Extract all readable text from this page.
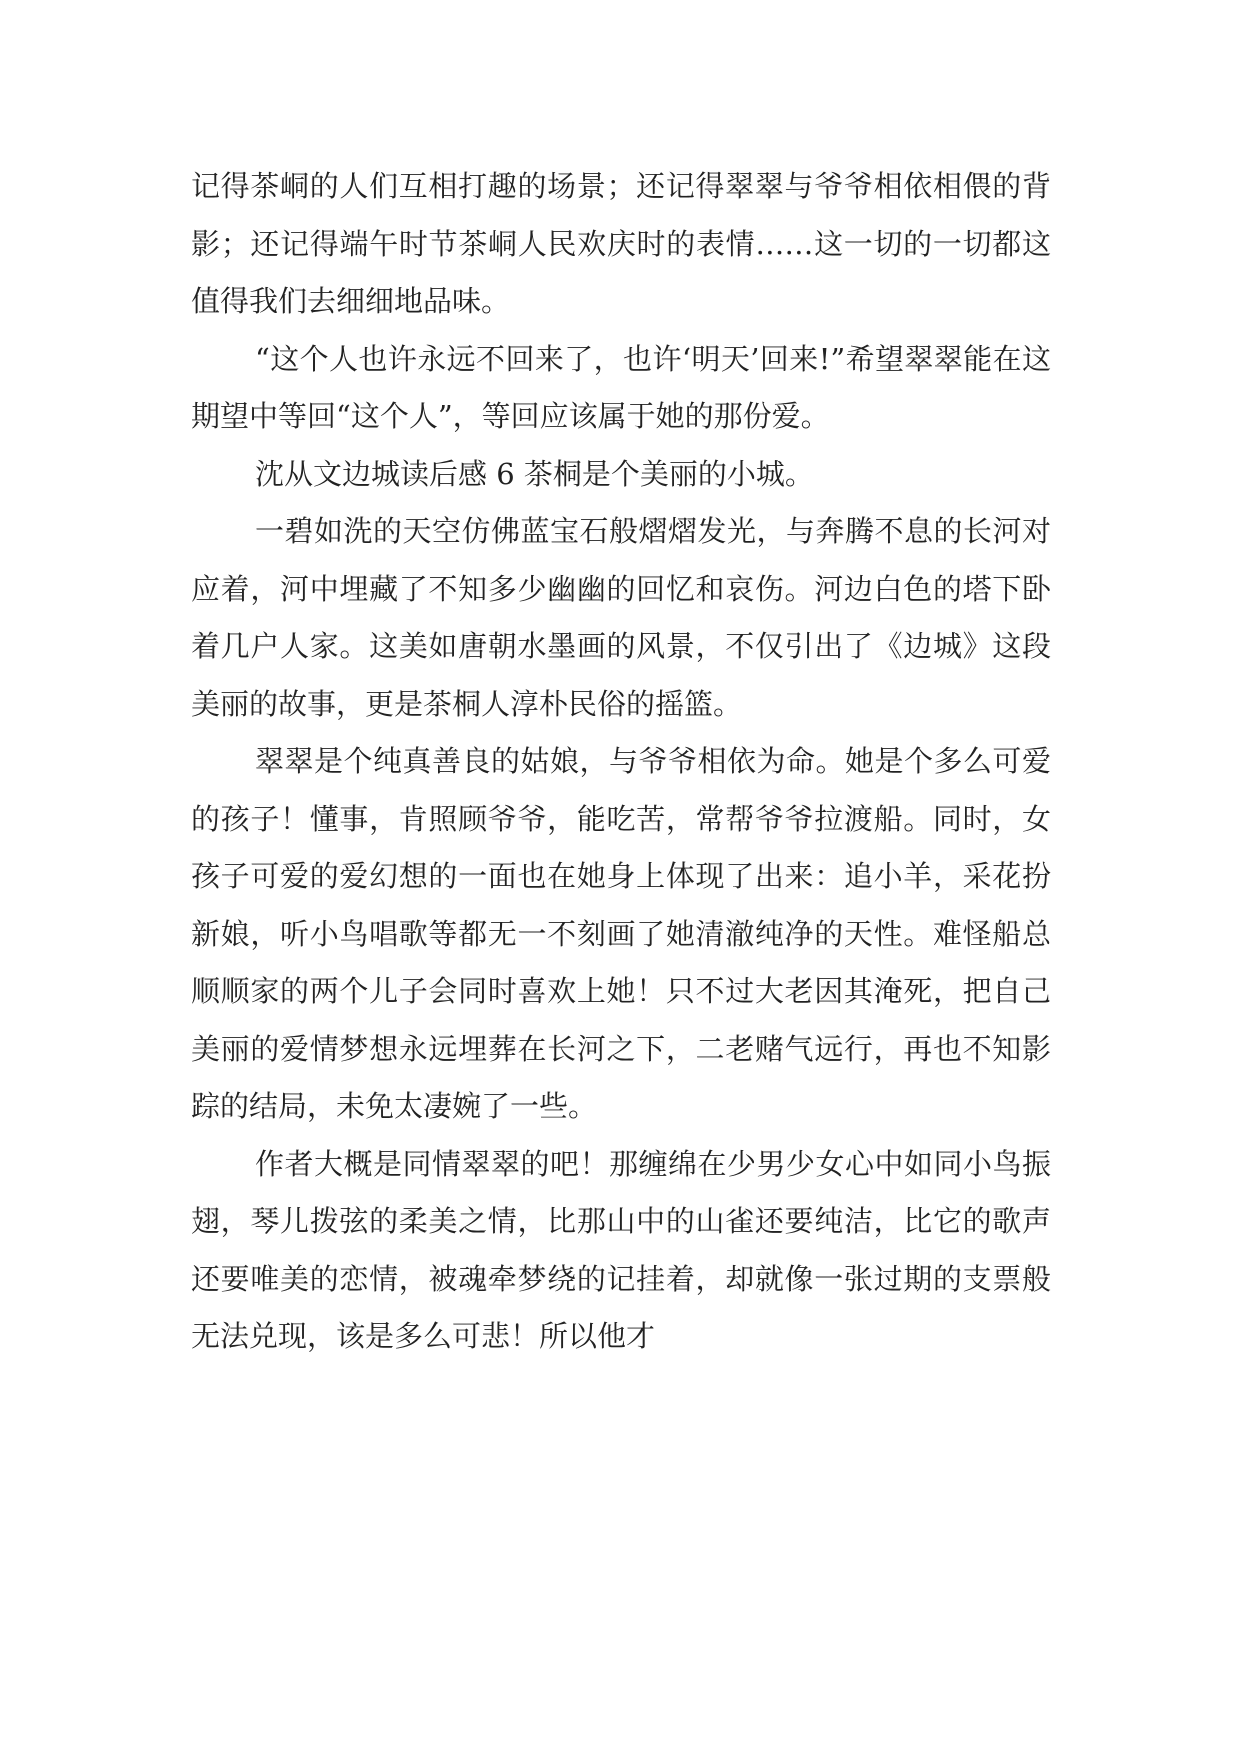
记得茶峒的人们互相打趣的场景；还记得翠翠与爷爷相依相偎的背影；还记得端午时节茶峒人民欢庆时的表情……这一切的一切都这值得我们去细细地品味。

“这个人也许永远不回来了，也许‘明天’回来!”希望翠翠能在这期望中等回“这个人”，等回应该属于她的那份爱。

沈从文边城读后感 6 茶桐是个美丽的小城。

一碧如洗的天空仿佛蓝宝石般熠熠发光，与奔腾不息的长河对应着，河中埋藏了不知多少幽幽的回忆和哀伤。河边白色的塔下卧着几户人家。这美如唐朝水墨画的风景，不仅引出了《边城》这段美丽的故事，更是茶桐人淳朴民俗的摇篮。

翠翠是个纯真善良的姑娘，与爷爷相依为命。她是个多么可爱的孩子！懂事，肯照顾爷爷，能吃苦，常帮爷爷拉渡船。同时，女孩子可爱的爱幻想的一面也在她身上体现了出来：追小羊，采花扮新娘，听小鸟唱歌等都无一不刻画了她清澈纯净的天性。难怪船总顺顺家的两个儿子会同时喜欢上她！只不过大老因其淹死，把自己美丽的爱情梦想永远埋葬在长河之下，二老赌气远行，再也不知影踪的结局，未免太凄婉了一些。

作者大概是同情翠翠的吧！那缠绵在少男少女心中如同小鸟振翅，琴儿拨弦的柔美之情，比那山中的山雀还要纯洁，比它的歌声还要唯美的恋情，被魂牵梦绕的记挂着，却就像一张过期的支票般无法兑现，该是多么可悲！所以他才
